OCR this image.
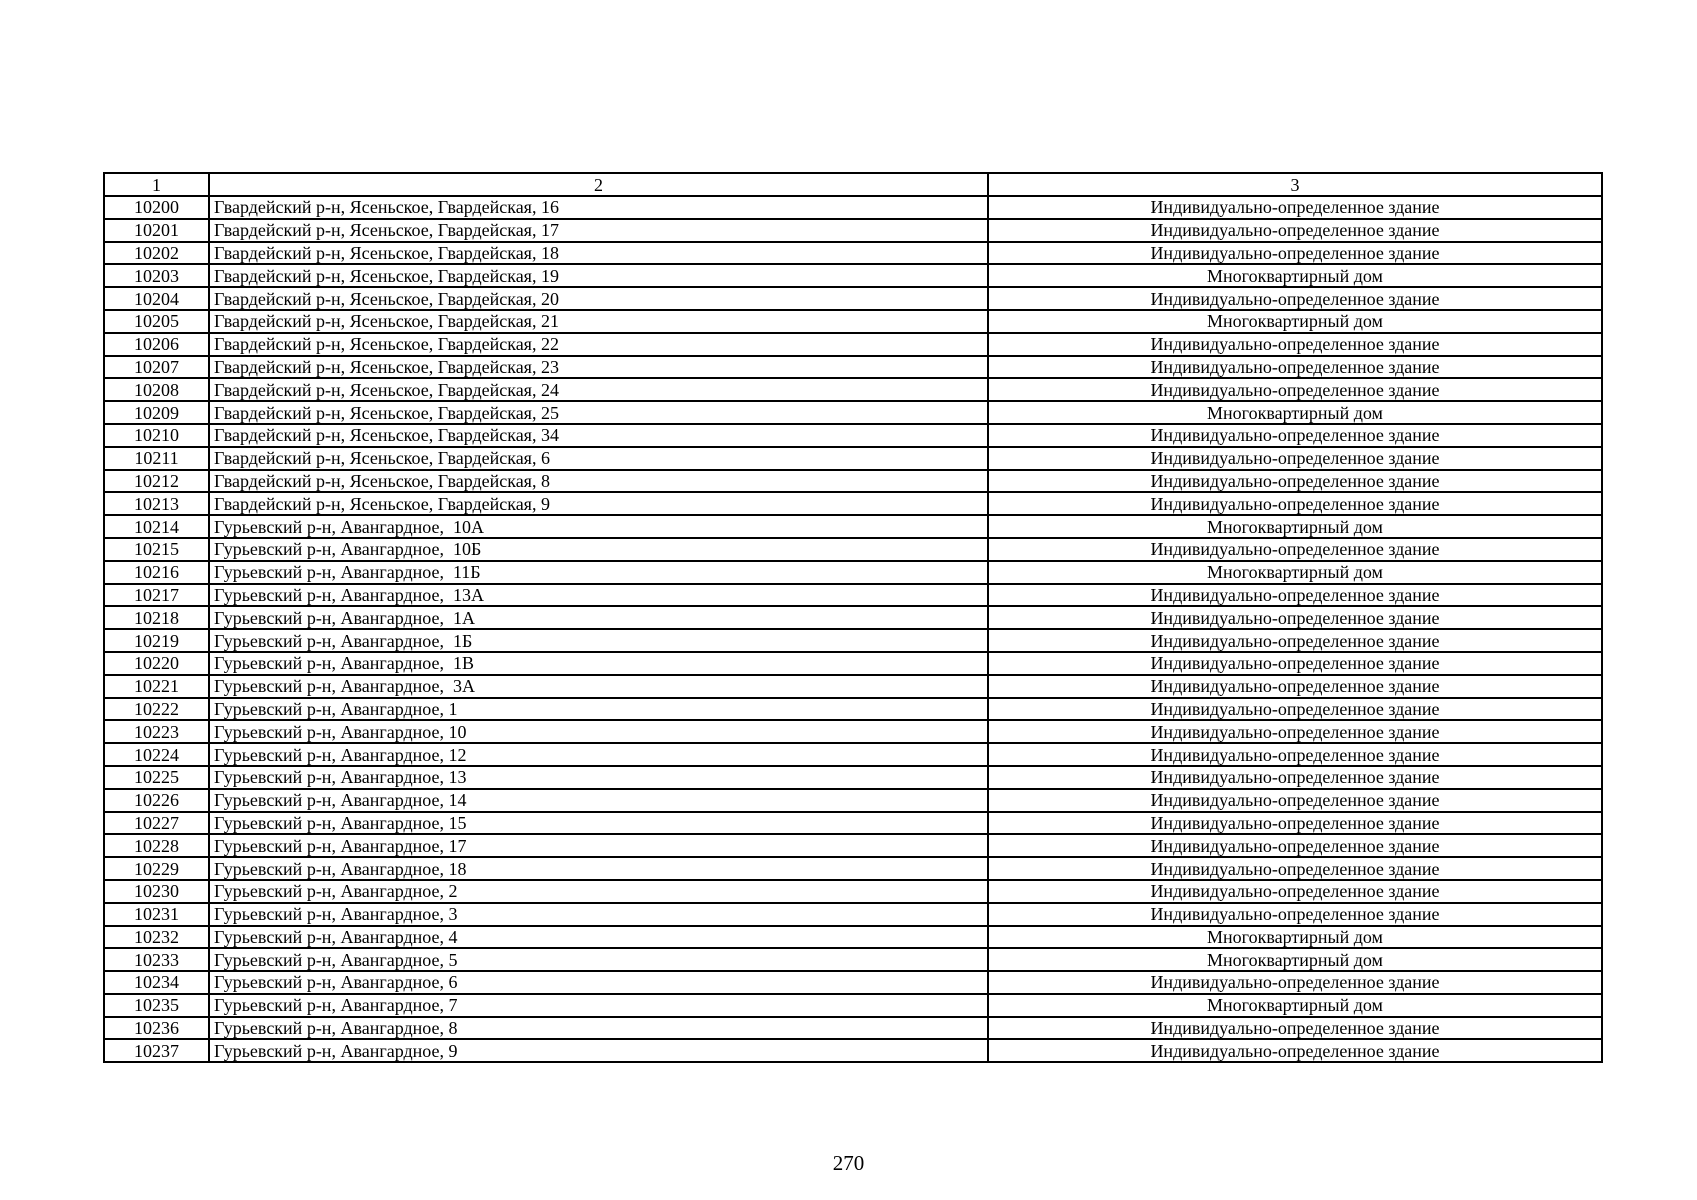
1	2	3
10200	Гвардейский р-н, Ясеньское, Гвардейская, 16	Индивидуально-определенное здание
10201	Гвардейский р-н, Ясеньское, Гвардейская, 17	Индивидуально-определенное здание
10202	Гвардейский р-н, Ясеньское, Гвардейская, 18	Индивидуально-определенное здание
10203	Гвардейский р-н, Ясеньское, Гвардейская, 19	Многоквартирный дом
10204	Гвардейский р-н, Ясеньское, Гвардейская, 20	Индивидуально-определенное здание
10205	Гвардейский р-н, Ясеньское, Гвардейская, 21	Многоквартирный дом
10206	Гвардейский р-н, Ясеньское, Гвардейская, 22	Индивидуально-определенное здание
10207	Гвардейский р-н, Ясеньское, Гвардейская, 23	Индивидуально-определенное здание
10208	Гвардейский р-н, Ясеньское, Гвардейская, 24	Индивидуально-определенное здание
10209	Гвардейский р-н, Ясеньское, Гвардейская, 25	Многоквартирный дом
10210	Гвардейский р-н, Ясеньское, Гвардейская, 34	Индивидуально-определенное здание
10211	Гвардейский р-н, Ясеньское, Гвардейская, 6	Индивидуально-определенное здание
10212	Гвардейский р-н, Ясеньское, Гвардейская, 8	Индивидуально-определенное здание
10213	Гвардейский р-н, Ясеньское, Гвардейская, 9	Индивидуально-определенное здание
10214	Гурьевский р-н, Авангардное,  10А	Многоквартирный дом
10215	Гурьевский р-н, Авангардное,  10Б	Индивидуально-определенное здание
10216	Гурьевский р-н, Авангардное,  11Б	Многоквартирный дом
10217	Гурьевский р-н, Авангардное,  13А	Индивидуально-определенное здание
10218	Гурьевский р-н, Авангардное,  1А	Индивидуально-определенное здание
10219	Гурьевский р-н, Авангардное,  1Б	Индивидуально-определенное здание
10220	Гурьевский р-н, Авангардное,  1В	Индивидуально-определенное здание
10221	Гурьевский р-н, Авангардное,  3А	Индивидуально-определенное здание
10222	Гурьевский р-н, Авангардное, 1	Индивидуально-определенное здание
10223	Гурьевский р-н, Авангардное, 10	Индивидуально-определенное здание
10224	Гурьевский р-н, Авангардное, 12	Индивидуально-определенное здание
10225	Гурьевский р-н, Авангардное, 13	Индивидуально-определенное здание
10226	Гурьевский р-н, Авангардное, 14	Индивидуально-определенное здание
10227	Гурьевский р-н, Авангардное, 15	Индивидуально-определенное здание
10228	Гурьевский р-н, Авангардное, 17	Индивидуально-определенное здание
10229	Гурьевский р-н, Авангардное, 18	Индивидуально-определенное здание
10230	Гурьевский р-н, Авангардное, 2	Индивидуально-определенное здание
10231	Гурьевский р-н, Авангардное, 3	Индивидуально-определенное здание
10232	Гурьевский р-н, Авангардное, 4	Многоквартирный дом
10233	Гурьевский р-н, Авангардное, 5	Многоквартирный дом
10234	Гурьевский р-н, Авангардное, 6	Индивидуально-определенное здание
10235	Гурьевский р-н, Авангардное, 7	Многоквартирный дом
10236	Гурьевский р-н, Авангардное, 8	Индивидуально-определенное здание
10237	Гурьевский р-н, Авангардное, 9	Индивидуально-определенное здание
270
